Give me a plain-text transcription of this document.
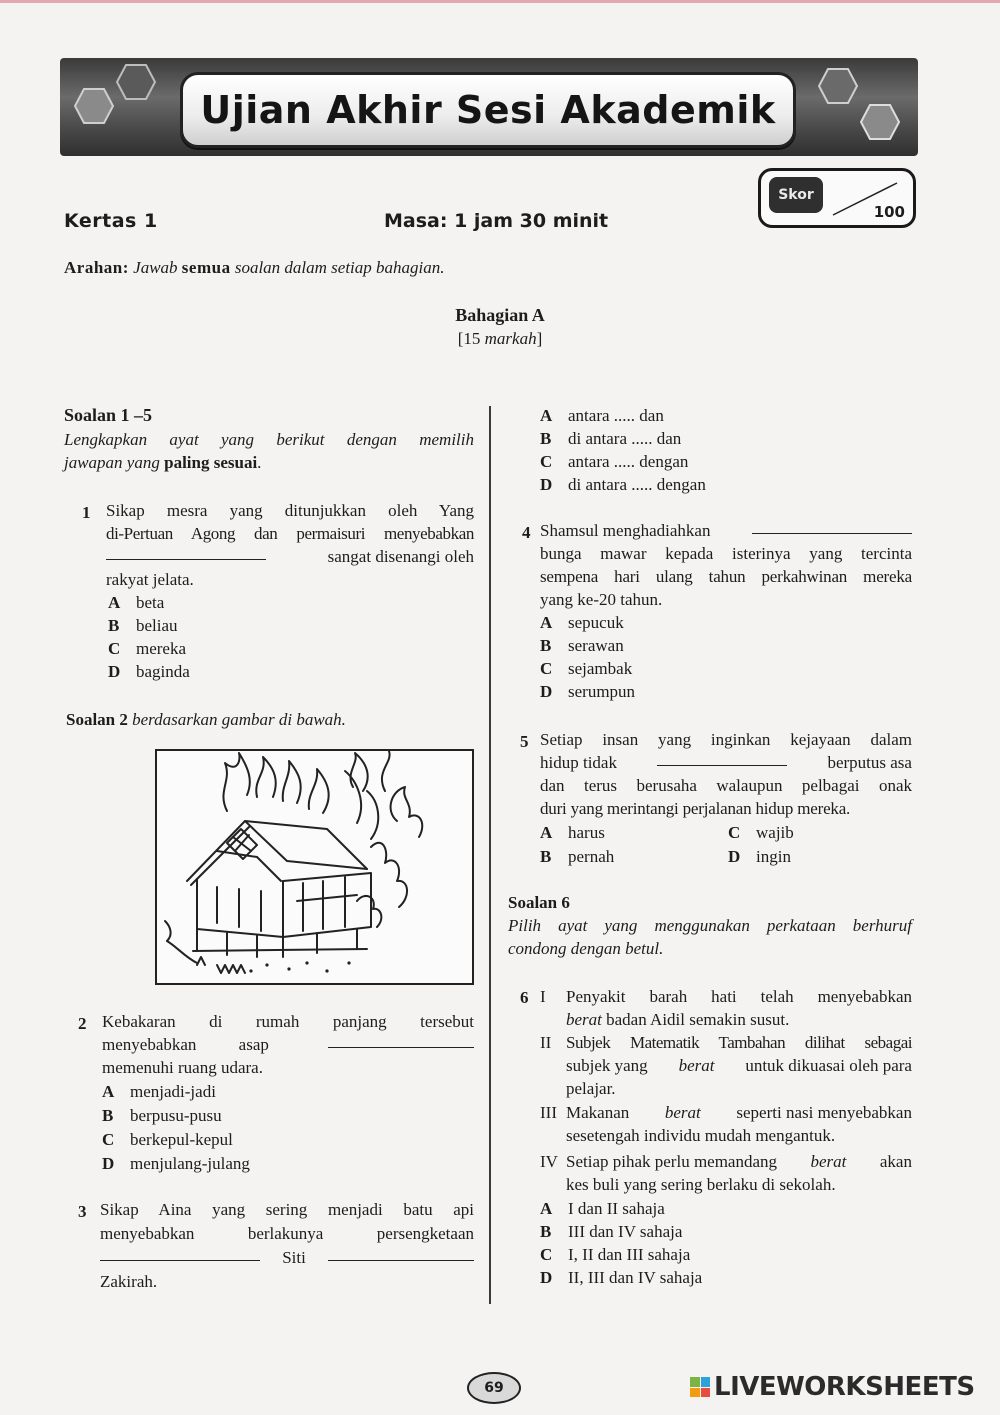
Ujian Akhir Sesi Akademik
Kertas 1	Masa: 1 jam 30 minit
Skor
100
Arahan: Jawab semua soalan dalam setiap bahagian.
Bahagian A
[15 markah]
Soalan 1 –5
Lengkapkan ayat yang berikut dengan memilih
jawapan yang paling sesuai.
1 Sikap mesra yang ditunjukkan oleh Yang
di-Pertuan Agong dan permaisuri menyebabkan
sangat disenangi oleh
rakyat jelata.
A beta
B beliau
C mereka
D baginda
Soalan 2 berdasarkan gambar di bawah.
2 Kebakaran di rumah panjang tersebut
menyebabkan asap
memenuhi ruang udara.
A menjadi-jadi
B berpusu-pusu
C berkepul-kepul
D menjulang-julang
3 Sikap Aina yang sering menjadi batu api
menyebabkan berlakunya persengketaan
Siti
Zakirah.
A antara ..... dan
B di antara ..... dan
C antara ..... dengan
D di antara ..... dengan
4 Shamsul menghadiahkan
bunga mawar kepada isterinya yang tercinta
sempena hari ulang tahun perkahwinan mereka
yang ke-20 tahun.
A sepucuk
B serawan
C sejambak
D serumpun
5 Setiap insan yang inginkan kejayaan dalam
hidup tidak	berputus asa
dan terus berusaha walaupun pelbagai onak
duri yang merintangi perjalanan hidup mereka.
A harus	C wajib
B pernah	D ingin
Soalan 6
Pilih ayat yang menggunakan perkataan berhuruf
condong dengan betul.
6 I Penyakit barah hati telah menyebabkan
berat badan Aidil semakin susut.
II Subjek Matematik Tambahan dilihat sebagai
subjek yang berat untuk dikuasai oleh para
pelajar.
III Makanan berat seperti nasi menyebabkan
sesetengah individu mudah mengantuk.
IV Setiap pihak perlu memandang berat akan
kes buli yang sering berlaku di sekolah.
A I dan II sahaja
B III dan IV sahaja
C I, II dan III sahaja
D II, III dan IV sahaja
69	LIVEWORKSHEETS
